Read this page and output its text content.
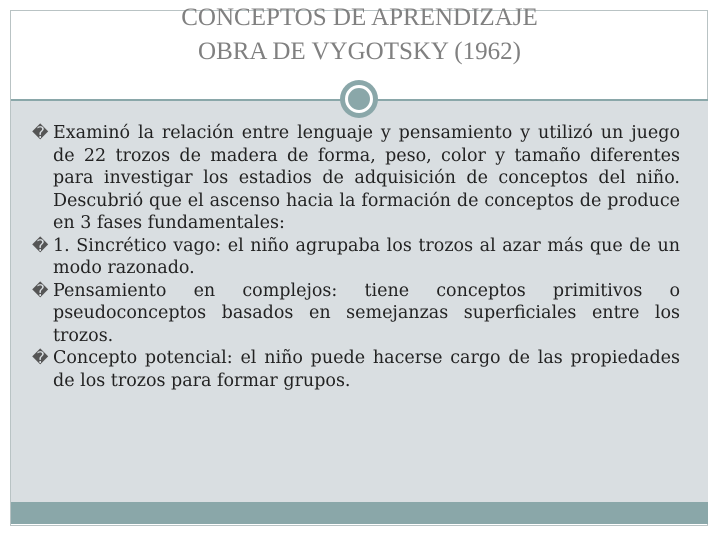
CONCEPTOS DE APRENDIZAJE
OBRA DE VYGOTSKY (1962)
� Examinó la relación entre lenguaje y pensamiento y utilizó un juego de 22 trozos de madera de forma, peso, color y tamaño diferentes para investigar los estadios de adquisición de conceptos del niño. Descubrió que el ascenso hacia la formación de conceptos de produce en 3 fases fundamentales:
� 1. Sincrético vago: el niño agrupaba los trozos al azar más que de un modo razonado.
� Pensamiento en complejos: tiene conceptos primitivos o pseudoconceptos basados en semejanzas superficiales entre los trozos.
� Concepto potencial: el niño puede hacerse cargo de las propiedades de los trozos para formar grupos.
